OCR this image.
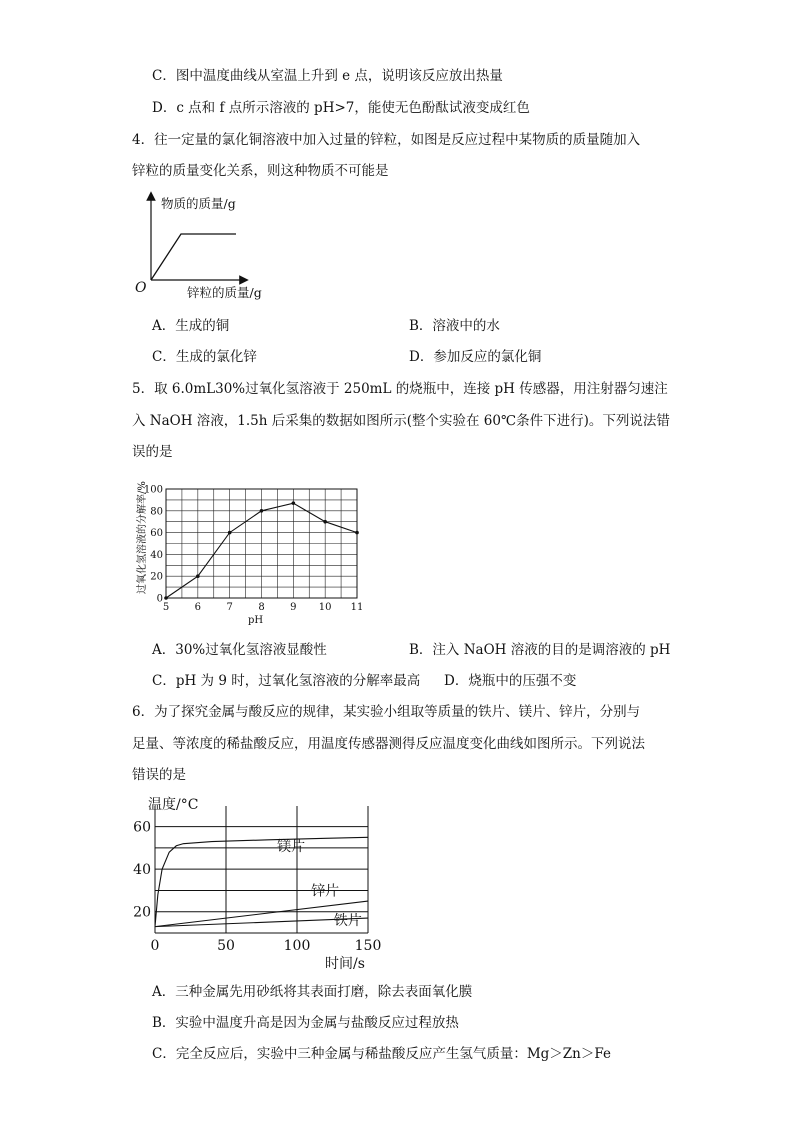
C．图中温度曲线从室温上升到 e 点，说明该反应放出热量
D．c 点和 f 点所示溶液的 pH>7，能使无色酚酞试液变成红色
4．往一定量的氯化铜溶液中加入过量的锌粒，如图是反应过程中某物质的质量随加入
锌粒的质量变化关系，则这种物质不可能是
物质的质量/g
O	锌粒的质量/g
A．生成的铜	B．溶液中的水
C．生成的氯化锌	D．参加反应的氯化铜
5．取 6.0mL30%过氧化氢溶液于 250mL 的烧瓶中，连接 pH 传感器，用注射器匀速注
入 NaOH 溶液，1.5h 后采集的数据如图所示(整个实验在 60℃条件下进行)。下列说法错
误的是
5	6	7	8	9 10 11
0
20
40
60
80
100
pH
过氧化氢溶液的分解率/%
A．30%过氧化氢溶液显酸性	B．注入 NaOH 溶液的目的是调溶液的 pH
C．pH 为 9 时，过氧化氢溶液的分解率最高 D．烧瓶中的压强不变
6．为了探究金属与酸反应的规律，某实验小组取等质量的铁片、镁片、锌片，分别与
足量、等浓度的稀盐酸反应，用温度传感器测得反应温度变化曲线如图所示。下列说法
错误的是
0	50	100	150
20
40
60
镁片
锌片
铁片
温度/°C
时间/s
A．三种金属先用砂纸将其表面打磨，除去表面氧化膜
B．实验中温度升高是因为金属与盐酸反应过程放热
C．完全反应后，实验中三种金属与稀盐酸反应产生氢气质量：Mg＞Zn＞Fe
